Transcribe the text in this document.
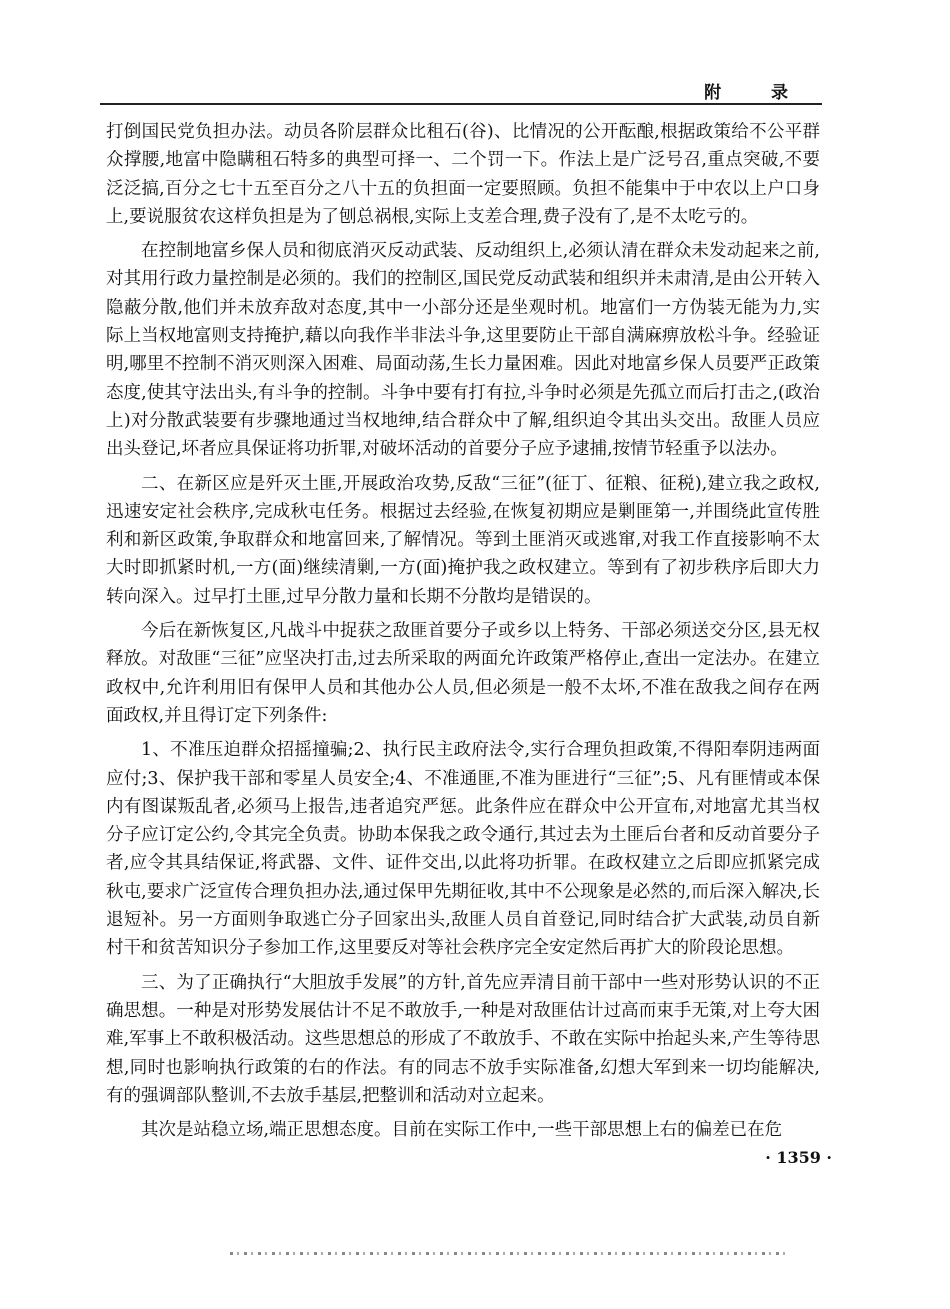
附 录

打倒国民党负担办法。动员各阶层群众比租石(谷)、比情况的公开酝酿,根据政策给不公平群众撑腰,地富中隐瞒租石特多的典型可择一、二个罚一下。作法上是广泛号召,重点突破,不要泛泛搞,百分之七十五至百分之八十五的负担面一定要照顾。负担不能集中于中农以上户口身上,要说服贫农这样负担是为了刨总祸根,实际上支差合理,费子没有了,是不太吃亏的。

在控制地富乡保人员和彻底消灭反动武装、反动组织上,必须认清在群众未发动起来之前,对其用行政力量控制是必须的。我们的控制区,国民党反动武装和组织并未肃清,是由公开转入隐蔽分散,他们并未放弃敌对态度,其中一小部分还是坐观时机。地富们一方伪装无能为力,实际上当权地富则支持掩护,藉以向我作半非法斗争,这里要防止干部自满麻痹放松斗争。经验证明,哪里不控制不消灭则深入困难、局面动荡,生长力量困难。因此对地富乡保人员要严正政策态度,使其守法出头,有斗争的控制。斗争中要有打有拉,斗争时必须是先孤立而后打击之,(政治上)对分散武装要有步骤地通过当权地绅,结合群众中了解,组织迫令其出头交出。敌匪人员应出头登记,坏者应具保证将功折罪,对破坏活动的首要分子应予逮捕,按情节轻重予以法办。

二、在新区应是歼灭土匪,开展政治攻势,反敌“三征”(征丁、征粮、征税),建立我之政权,迅速安定社会秩序,完成秋屯任务。根据过去经验,在恢复初期应是剿匪第一,并围绕此宣传胜利和新区政策,争取群众和地富回来,了解情况。等到土匪消灭或逃窜,对我工作直接影响不太大时即抓紧时机,一方(面)继续清剿,一方(面)掩护我之政权建立。等到有了初步秩序后即大力转向深入。过早打土匪,过早分散力量和长期不分散均是错误的。

今后在新恢复区,凡战斗中捉获之敌匪首要分子或乡以上特务、干部必须送交分区,县无权释放。对敌匪“三征”应坚决打击,过去所采取的两面允许政策严格停止,查出一定法办。在建立政权中,允许利用旧有保甲人员和其他办公人员,但必须是一般不太坏,不准在敌我之间存在两面政权,并且得订定下列条件:

1、不准压迫群众招摇撞骗;2、执行民主政府法令,实行合理负担政策,不得阳奉阴违两面应付;3、保护我干部和零星人员安全;4、不准通匪,不准为匪进行“三征”;5、凡有匪情或本保内有图谋叛乱者,必须马上报告,违者追究严惩。此条件应在群众中公开宣布,对地富尤其当权分子应订定公约,令其完全负责。协助本保我之政令通行,其过去为土匪后台者和反动首要分子者,应令其具结保证,将武器、文件、证件交出,以此将功折罪。在政权建立之后即应抓紧完成秋屯,要求广泛宣传合理负担办法,通过保甲先期征收,其中不公现象是必然的,而后深入解决,长退短补。另一方面则争取逃亡分子回家出头,敌匪人员自首登记,同时结合扩大武装,动员自新村干和贫苦知识分子参加工作,这里要反对等社会秩序完全安定然后再扩大的阶段论思想。

三、为了正确执行“大胆放手发展”的方针,首先应弄清目前干部中一些对形势认识的不正确思想。一种是对形势发展估计不足不敢放手,一种是对敌匪估计过高而束手无策,对上夸大困难,军事上不敢积极活动。这些思想总的形成了不敢放手、不敢在实际中抬起头来,产生等待思想,同时也影响执行政策的右的作法。有的同志不放手实际准备,幻想大军到来一切均能解决,有的强调部队整训,不去放手基层,把整训和活动对立起来。

其次是站稳立场,端正思想态度。目前在实际工作中,一些干部思想上右的偏差已在危

· 1359 ·
